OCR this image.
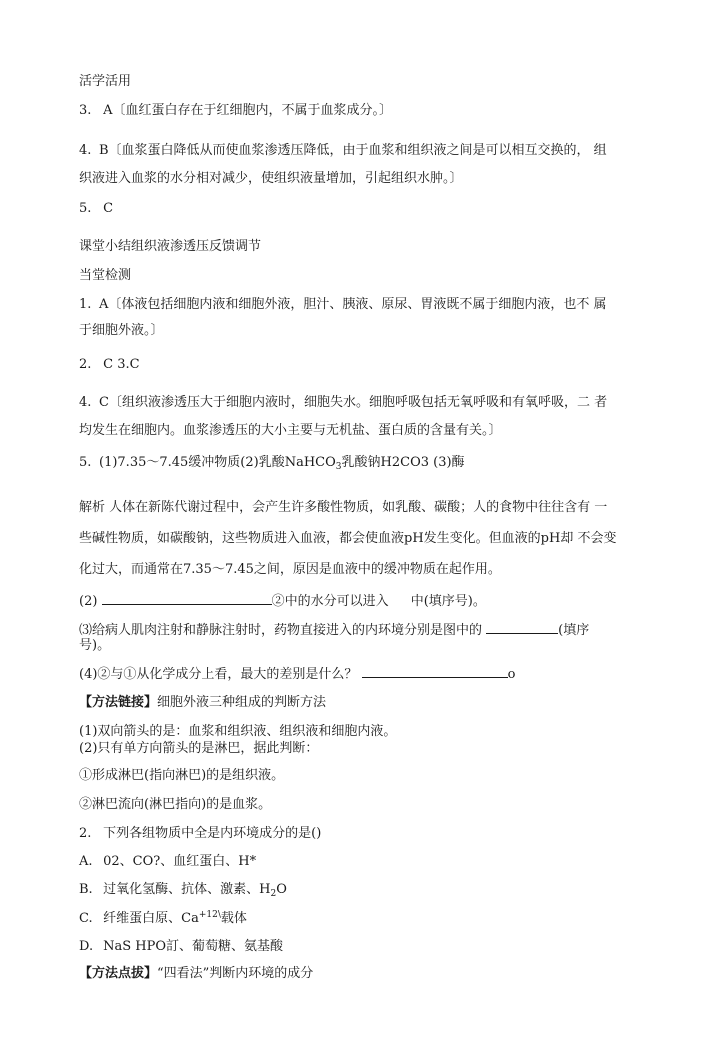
活学活用
3. A〔血红蛋白存在于红细胞内，不属于血浆成分。〕
4. B〔血浆蛋白降低从而使血浆渗透压降低，由于血浆和组织液之间是可以相互交换的， 组
织液进入血浆的水分相对减少，使组织液量增加，引起组织水肿。〕
5. C
课堂小结组织液渗透压反馈调节
当堂检测
1. A〔体液包括细胞内液和细胞外液，胆汁、胰液、原尿、胃液既不属于细胞内液，也不 属
于细胞外液。〕
2. C 3.C
4. C〔组织液渗透压大于细胞内液时，细胞失水。细胞呼吸包括无氧呼吸和有氧呼吸，二 者
均发生在细胞内。血浆渗透压的大小主要与无机盐、蛋白质的含量有关。〕
5. (1)7.35～7.45缓冲物质(2)乳酸NaHCO$_3$乳酸钠H2CO3 (3)酶
解析 人体在新陈代谢过程中，会产生许多酸性物质，如乳酸、碳酸；人的食物中往往含有 一
些碱性物质，如碳酸钠，这些物质进入血液，都会使血液pH发生变化。但血液的pH却 不会变
化过大，而通常在7.35～7.45之间，原因是血液中的缓冲物质在起作用。
(2)	②中的水分可以进入 中(填序号)。
⑶给病人肌肉注射和静脉注射时，药物直接进入的内环境分别是图中的	(填序
号)。
(4)②与①从化学成分上看，最大的差别是什么？	o
【方法链接】细胞外液三种组成的判断方法
(1)双向箭头的是：血浆和组织液、组织液和细胞内液。
(2)只有单方向箭头的是淋巴，据此判断：
①形成淋巴(指向淋巴)的是组织液。
②淋巴流向(淋巴指向)的是血浆。
2. 下列各组物质中全是内环境成分的是()
A. 02、CO?、血红蛋白、H*
B. 过氧化氢酶、抗体、激素、$H_2O$
C. 纤维蛋白原、$Ca^{+12\backslash}$载体
D. NaS HPO訂、葡萄糖、氨基酸
【方法点拔】“四看法”判断内环境的成分
